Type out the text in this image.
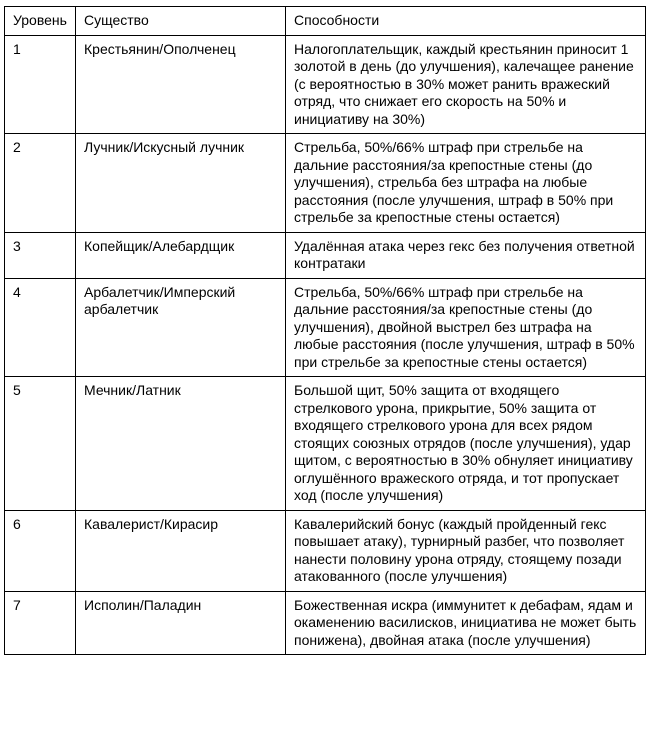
Уровень	Существо	Способности
1	Крестьянин/Ополченец	Налогоплательщик, каждый крестьянин приносит 1 золотой в день (до улучшения), калечащее ранение (с вероятностью в 30% может ранить вражеский отряд, что снижает его скорость на 50% и инициативу на 30%)
2	Лучник/Искусный лучник	Стрельба, 50%/66% штраф при стрельбе на дальние расстояния/за крепостные стены (до улучшения), стрельба без штрафа на любые расстояния (после улучшения, штраф в 50% при стрельбе за крепостные стены остается)
3	Копейщик/Алебардщик	Удалённая атака через гекс без получения ответной контратаки
4	Арбалетчик/Имперский арбалетчик	Стрельба, 50%/66% штраф при стрельбе на дальние расстояния/за крепостные стены (до улучшения), двойной выстрел без штрафа на любые расстояния (после улучшения, штраф в 50% при стрельбе за крепостные стены остается)
5	Мечник/Латник	Большой щит, 50% защита от входящего стрелкового урона, прикрытие, 50% защита от входящего стрелкового урона для всех рядом стоящих союзных отрядов (после улучшения), удар щитом, с вероятностью в 30% обнуляет инициативу оглушённого вражеского отряда, и тот пропускает ход (после улучшения)
6	Кавалерист/Кирасир	Кавалерийский бонус (каждый пройденный гекс повышает атаку), турнирный разбег, что позволяет нанести половину урона отряду, стоящему позади атакованного (после улучшения)
7	Исполин/Паладин	Божественная искра (иммунитет к дебафам, ядам и окаменению василисков, инициатива не может быть понижена), двойная атака (после улучшения)
